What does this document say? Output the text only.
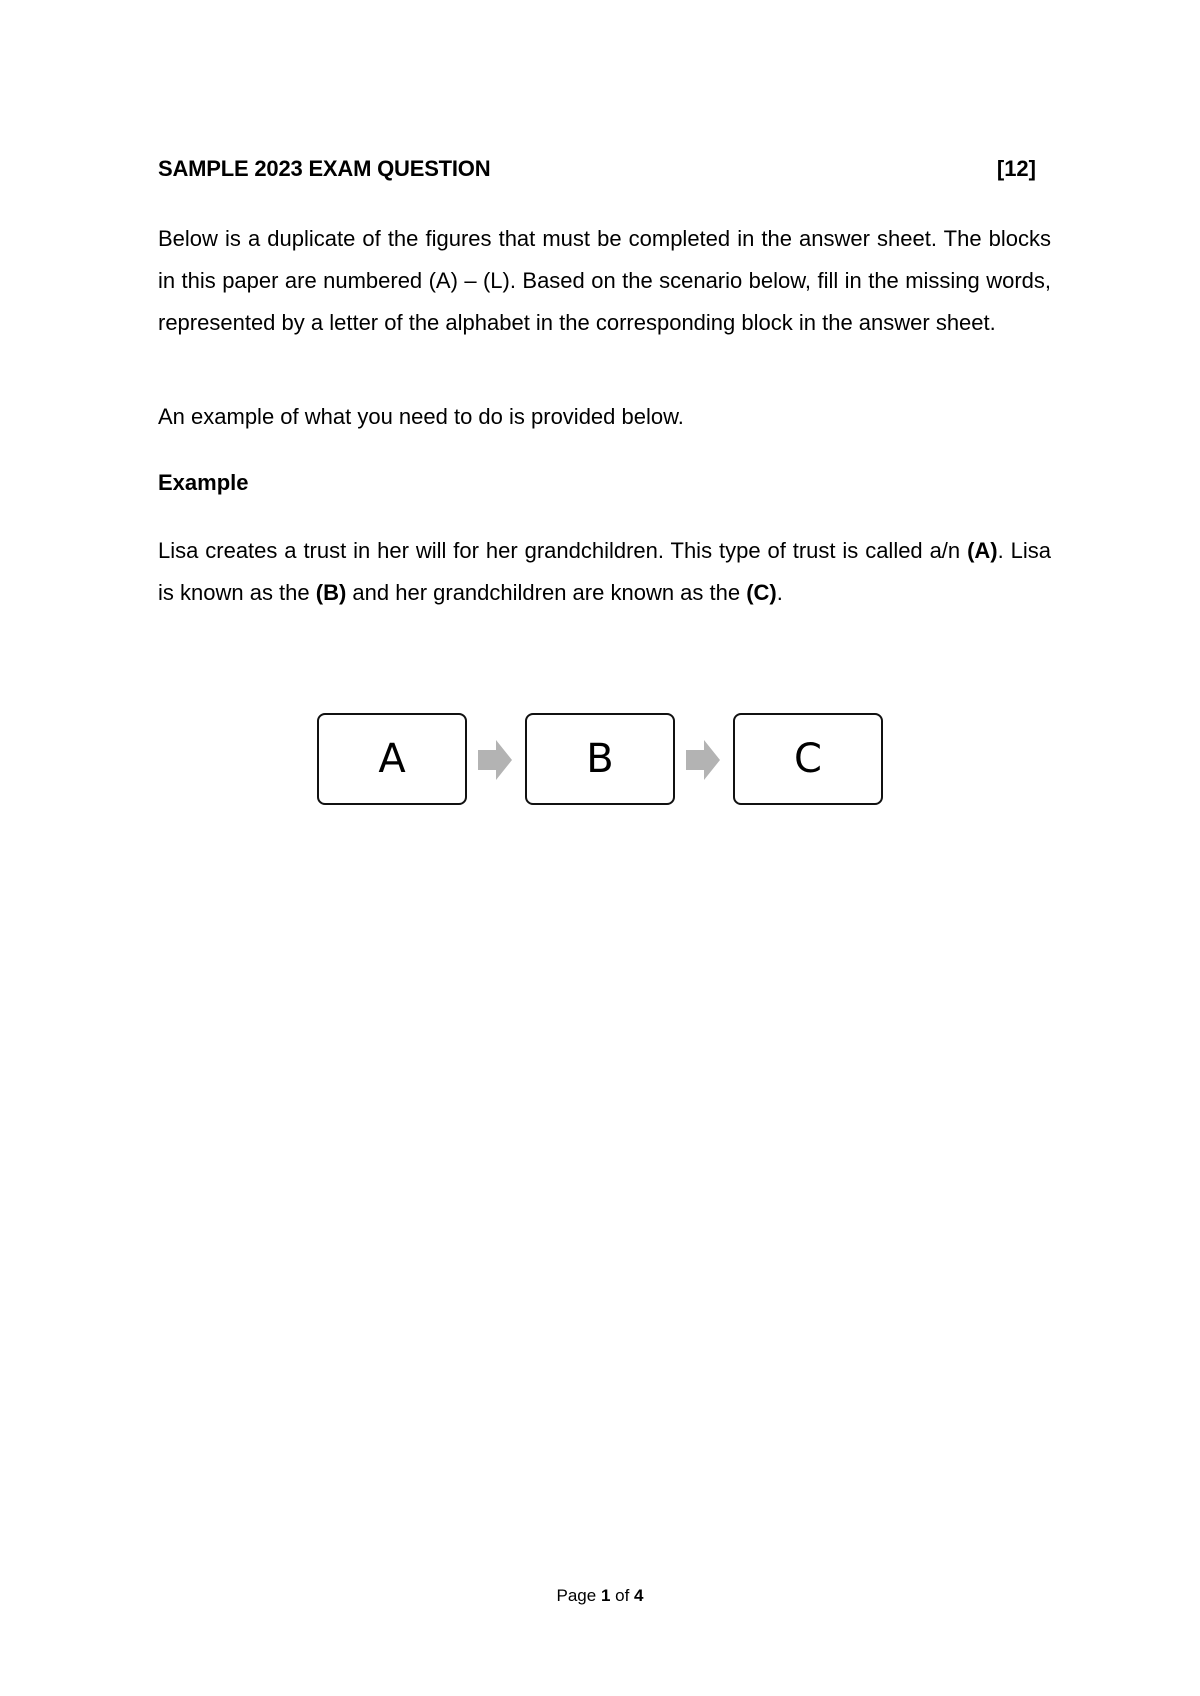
SAMPLE 2023 EXAM QUESTION	[12]

Below is a duplicate of the figures that must be completed in the answer sheet. The blocks in this paper are numbered (A) – (L). Based on the scenario below, fill in the missing words, represented by a letter of the alphabet in the corresponding block in the answer sheet.

An example of what you need to do is provided below.

Example

Lisa creates a trust in her will for her grandchildren. This type of trust is called a/n (A). Lisa is known as the (B) and her grandchildren are known as the (C).

A	B	C
Page 1 of 4
